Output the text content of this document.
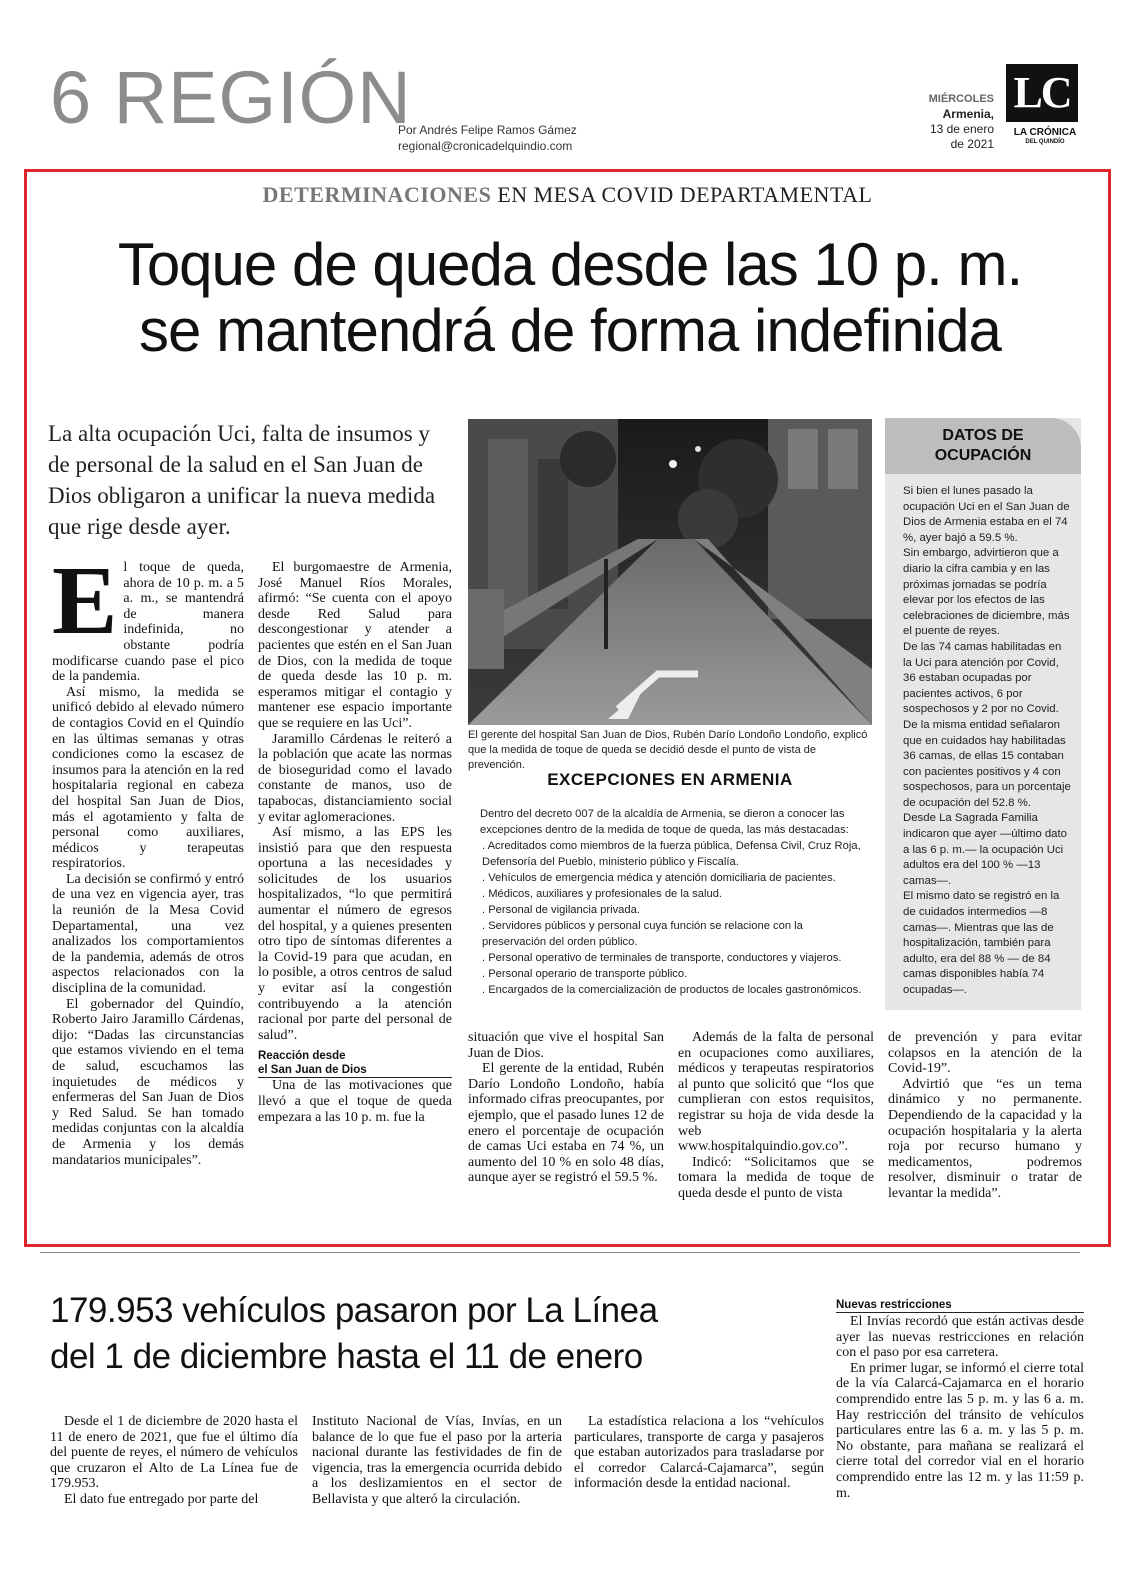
6 REGIÓN
Por Andrés Felipe Ramos Gámez
regional@cronicadelquindio.com
MIÉRCOLES
Armenia,
13 de enero
de 2021
LC
LA CRÓNICA
DEL QUINDÍO
DETERMINACIONES EN MESA COVID DEPARTAMENTAL
Toque de queda desde las 10 p. m.
se mantendrá de forma indefinida
La alta ocupación Uci, falta de insumos y de personal de la salud en el San Juan de Dios obligaron a unificar la nueva medida que rige desde ayer.
E l toque de queda, ahora de 10 p. m. a 5 a. m., se mantendrá de manera indefinida, no obstante podría modificarse cuando pase el pico de la pandemia.

Así mismo, la medida se unificó debido al elevado número de contagios Covid en el Quindío en las últimas semanas y otras condiciones como la escasez de insumos para la atención en la red hospitalaria regional en cabeza del hospital San Juan de Dios, más el agotamiento y falta de personal como auxiliares, médicos y terapeutas respiratorios.

La decisión se confirmó y entró de una vez en vigencia ayer, tras la reunión de la Mesa Covid Departamental, una vez analizados los comportamientos de la pandemia, además de otros aspectos relacionados con la disciplina de la comunidad.

El gobernador del Quindío, Roberto Jairo Jaramillo Cárdenas, dijo: “Dadas las circunstancias que estamos viviendo en el tema de salud, escuchamos las inquietudes de médicos y enfermeras del San Juan de Dios y Red Salud. Se han tomado medidas conjuntas con la alcaldía de Armenia y los demás mandatarios municipales”.

El burgomaestre de Armenia, José Manuel Ríos Morales, afirmó: “Se cuenta con el apoyo desde Red Salud para descongestionar y atender a pacientes que estén en el San Juan de Dios, con la medida de toque de queda desde las 10 p. m. esperamos mitigar el contagio y mantener ese espacio importante que se requiere en las Uci”.

Jaramillo Cárdenas le reiteró a la población que acate las normas de bioseguridad como el lavado constante de manos, uso de tapabocas, distanciamiento social y evitar aglomeraciones.

Así mismo, a las EPS les insistió para que den respuesta oportuna a las necesidades y solicitudes de los usuarios hospitalizados, “lo que permitirá aumentar el número de egresos del hospital, y a quienes presenten otro tipo de síntomas diferentes a la Covid-19 para que acudan, en lo posible, a otros centros de salud y evitar así la congestión contribuyendo a la atención racional por parte del personal de salud”.

Reacción desde
el San Juan de Dios

Una de las motivaciones que llevó a que el toque de queda empezara a las 10 p. m. fue la

El gerente del hospital San Juan de Dios, Rubén Darío Londoño Londoño, explicó que la medida de toque de queda se decidió desde el punto de vista de prevención.
EXCEPCIONES EN ARMENIA
Dentro del decreto 007 de la alcaldía de Armenia, se dieron a conocer las excepciones dentro de la medida de toque de queda, las más destacadas:
. Acreditados como miembros de la fuerza pública, Defensa Civil, Cruz Roja, Defensoría del Pueblo, ministerio público y Fiscalía.
. Vehículos de emergencia médica y atención domiciliaria de pacientes.
. Médicos, auxiliares y profesionales de la salud.
. Personal de vigilancia privada.
. Servidores públicos y personal cuya función se relacione con la preservación del orden público.
. Personal operativo de terminales de transporte, conductores y viajeros.
. Personal operario de transporte público.
. Encargados de la comercialización de productos de locales gastronómicos.
DATOS DE
OCUPACIÓN
Si bien el lunes pasado la ocupación Uci en el San Juan de Dios de Armenia estaba en el 74 %, ayer bajó a 59.5 %.
Sin embargo, advirtieron que a diario la cifra cambia y en las próximas jornadas se podría elevar por los efectos de las celebraciones de diciembre, más el puente de reyes.
De las 74 camas habilitadas en la Uci para atención por Covid, 36 estaban ocupadas por pacientes activos, 6 por sospechosos y 2 por no Covid.
De la misma entidad señalaron que en cuidados hay habilitadas 36 camas, de ellas 15 contaban con pacientes positivos y 4 con sospechosos, para un porcentaje de ocupación del 52.8 %.
Desde La Sagrada Familia indicaron que ayer —último dato a las 6 p. m.— la ocupación Uci adultos era del 100 % —13 camas—.
El mismo dato se registró en la de cuidados intermedios —8 camas—. Mientras que las de hospitalización, también para adulto, era del 88 % — de 84 camas disponibles había 74 ocupadas—.

situación que vive el hospital San Juan de Dios.

El gerente de la entidad, Rubén Darío Londoño Londoño, había informado cifras preocupantes, por ejemplo, que el pasado lunes 12 de enero el porcentaje de ocupación de camas Uci estaba en 74 %, un aumento del 10 % en solo 48 días, aunque ayer se registró el 59.5 %.

Además de la falta de personal en ocupaciones como auxiliares, médicos y terapeutas respiratorios al punto que solicitó que “los que cumplieran con estos requisitos, registrar su hoja de vida desde la web www.hospitalquindio.gov.co”.

Indicó: “Solicitamos que se tomara la medida de toque de queda desde el punto de vista

de prevención y para evitar colapsos en la atención de la Covid-19”.

Advirtió que “es un tema dinámico y no permanente. Dependiendo de la capacidad y la ocupación hospitalaria y la alerta roja por recurso humano y medicamentos, podremos resolver, disminuir o tratar de levantar la medida”.

179.953 vehículos pasaron por La Línea
del 1 de diciembre hasta el 11 de enero

Desde el 1 de diciembre de 2020 hasta el 11 de enero de 2021, que fue el último día del puente de reyes, el número de vehículos que cruzaron el Alto de La Línea fue de 179.953.

El dato fue entregado por parte del

Instituto Nacional de Vías, Invías, en un balance de lo que fue el paso por la arteria nacional durante las festividades de fin de vigencia, tras la emergencia ocurrida debido a los deslizamientos en el sector de Bellavista y que alteró la circulación.

La estadística relaciona a los “vehículos particulares, transporte de carga y pasajeros que estaban autorizados para trasladarse por el corredor Calarcá-Cajamarca”, según información desde la entidad nacional.

Nuevas restricciones

El Invías recordó que están activas desde ayer las nuevas restricciones en relación con el paso por esa carretera.

En primer lugar, se informó el cierre total de la vía Calarcá-Cajamarca en el horario comprendido entre las 5 p. m. y las 6 a. m. Hay restricción del tránsito de vehículos particulares entre las 6 a. m. y las 5 p. m. No obstante, para mañana se realizará el cierre total del corredor vial en el horario comprendido entre las 12 m. y las 11:59 p. m.
